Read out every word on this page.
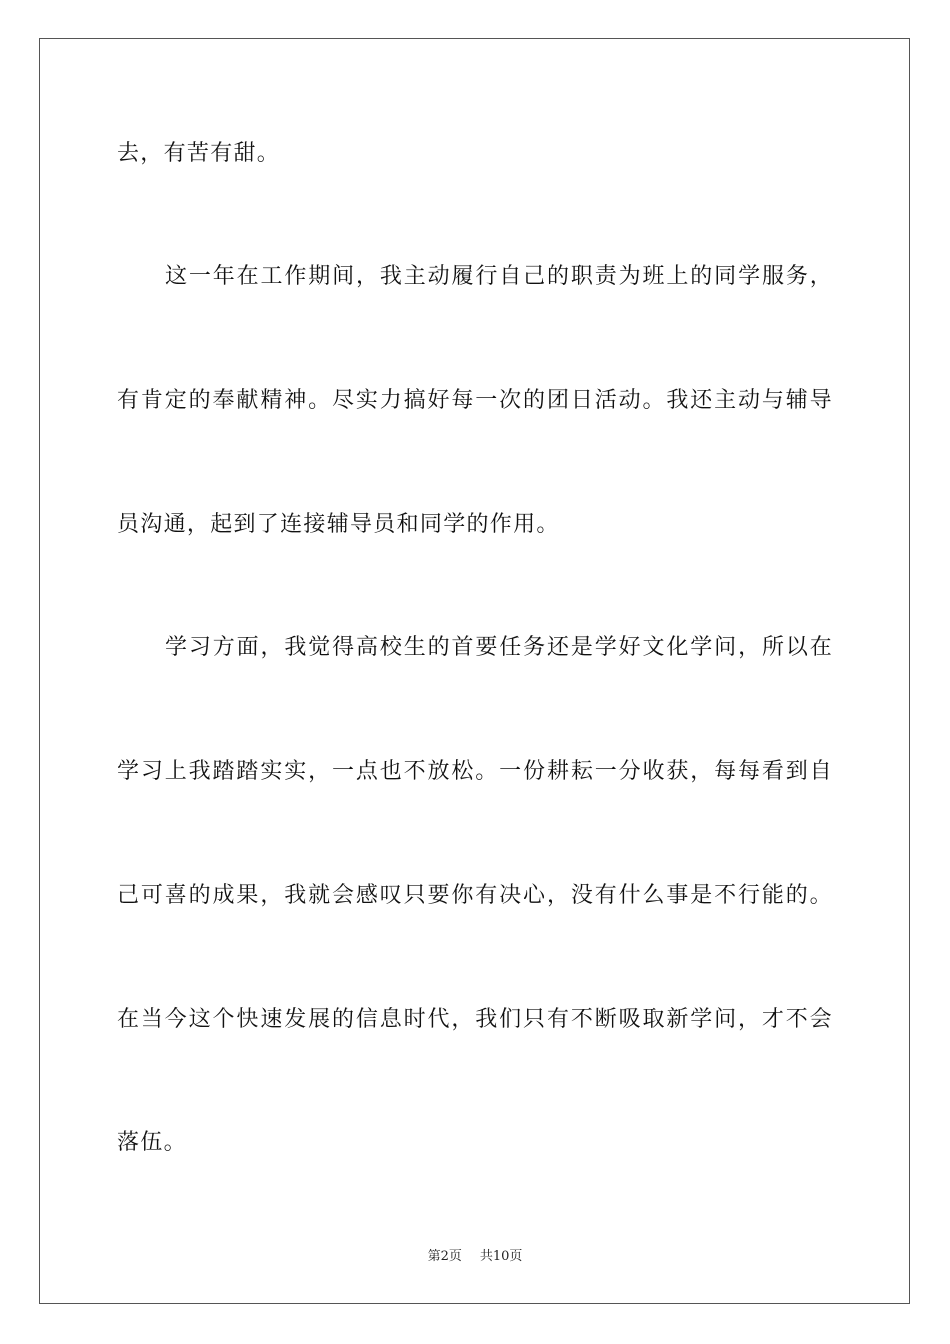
去，有苦有甜。
这一年在工作期间，我主动履行自己的职责为班上的同学服务，
有肯定的奉献精神。尽实力搞好每一次的团日活动。我还主动与辅导
员沟通，起到了连接辅导员和同学的作用。
学习方面，我觉得高校生的首要任务还是学好文化学问，所以在
学习上我踏踏实实，一点也不放松。一份耕耘一分收获，每每看到自
己可喜的成果，我就会感叹只要你有决心，没有什么事是不行能的。
在当今这个快速发展的信息时代，我们只有不断吸取新学问，才不会
落伍。
第2页 共10页
